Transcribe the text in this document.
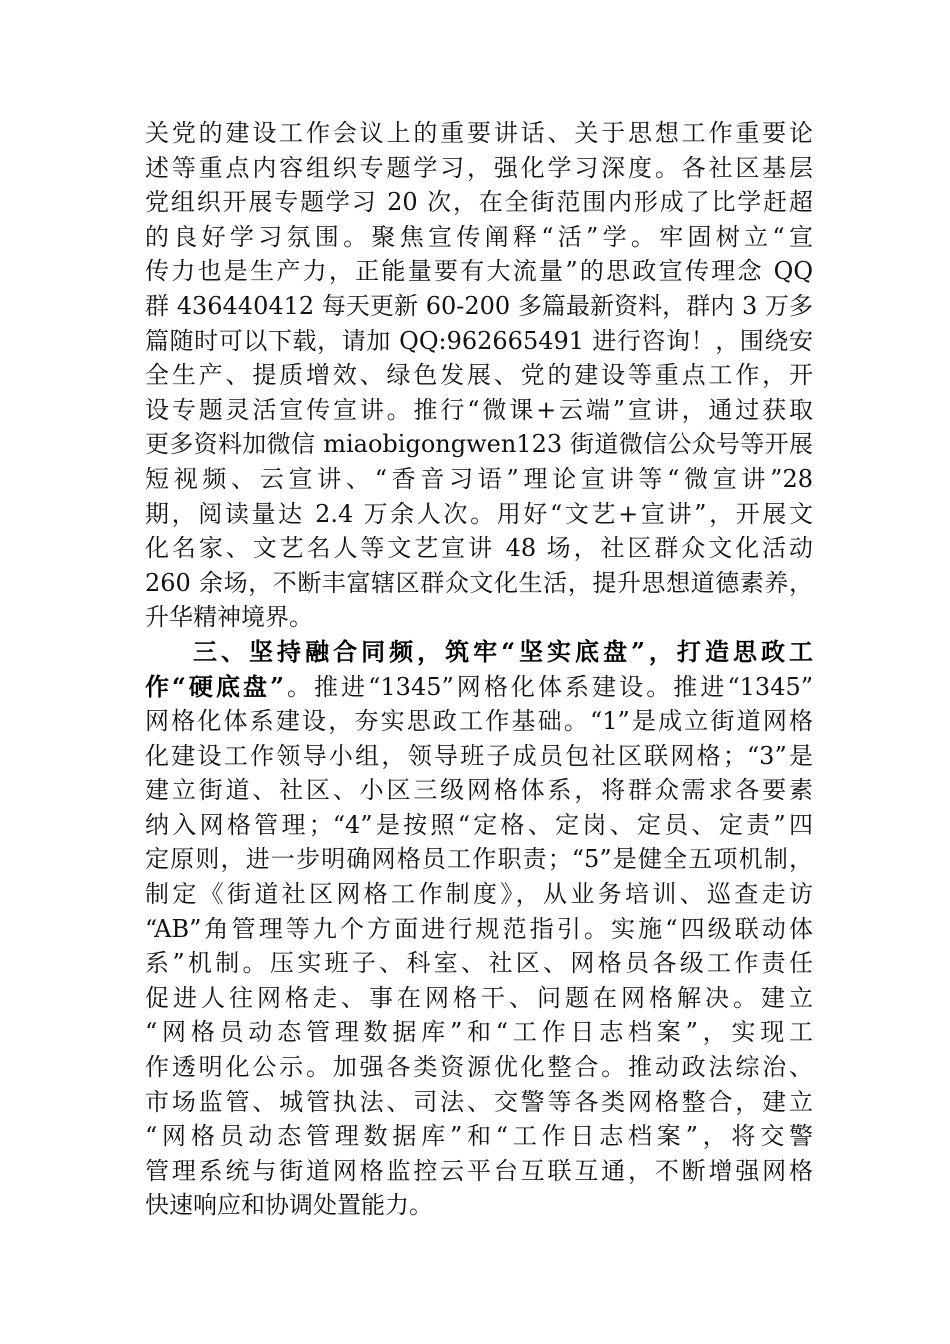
关党的建设工作会议上的重要讲话、关于思想工作重要论
述等重点内容组织专题学习，强化学习深度。各社区基层
党组织开展专题学习 20 次，在全街范围内形成了比学赶超
的良好学习氛围。聚焦宣传阐释“活”学。牢固树立“宣
传力也是生产力，正能量要有大流量”的思政宣传理念 QQ
群 436440412 每天更新 60-200 多篇最新资料，群内 3 万多
篇随时可以下载，请加 QQ:962665491 进行咨询！，围绕安
全生产、提质增效、绿色发展、党的建设等重点工作，开
设专题灵活宣传宣讲。推行“微课+云端”宣讲，通过获取
更多资料加微信 miaobigongwen123 街道微信公众号等开展
短视频、云宣讲、“香音习语”理论宣讲等“微宣讲”28
期，阅读量达 2.4 万余人次。用好“文艺+宣讲”，开展文
化名家、文艺名人等文艺宣讲 48 场，社区群众文化活动
260 余场，不断丰富辖区群众文化生活，提升思想道德素养，
升华精神境界。
三、坚持融合同频，筑牢“坚实底盘”，打造思政工
作“硬底盘”。推进“1345”网格化体系建设。推进“1345”
网格化体系建设，夯实思政工作基础。“1”是成立街道网格
化建设工作领导小组，领导班子成员包社区联网格；“3”是
建立街道、社区、小区三级网格体系，将群众需求各要素
纳入网格管理；“4”是按照“定格、定岗、定员、定责”四
定原则，进一步明确网格员工作职责；“5”是健全五项机制，
制定《街道社区网格工作制度》，从业务培训、巡查走访
“AB”角管理等九个方面进行规范指引。实施“四级联动体
系”机制。压实班子、科室、社区、网格员各级工作责任
促进人往网格走、事在网格干、问题在网格解决。建立
“网格员动态管理数据库”和“工作日志档案”，实现工
作透明化公示。加强各类资源优化整合。推动政法综治、
市场监管、城管执法、司法、交警等各类网格整合，建立
“网格员动态管理数据库”和“工作日志档案”，将交警
管理系统与街道网格监控云平台互联互通，不断增强网格
快速响应和协调处置能力。
